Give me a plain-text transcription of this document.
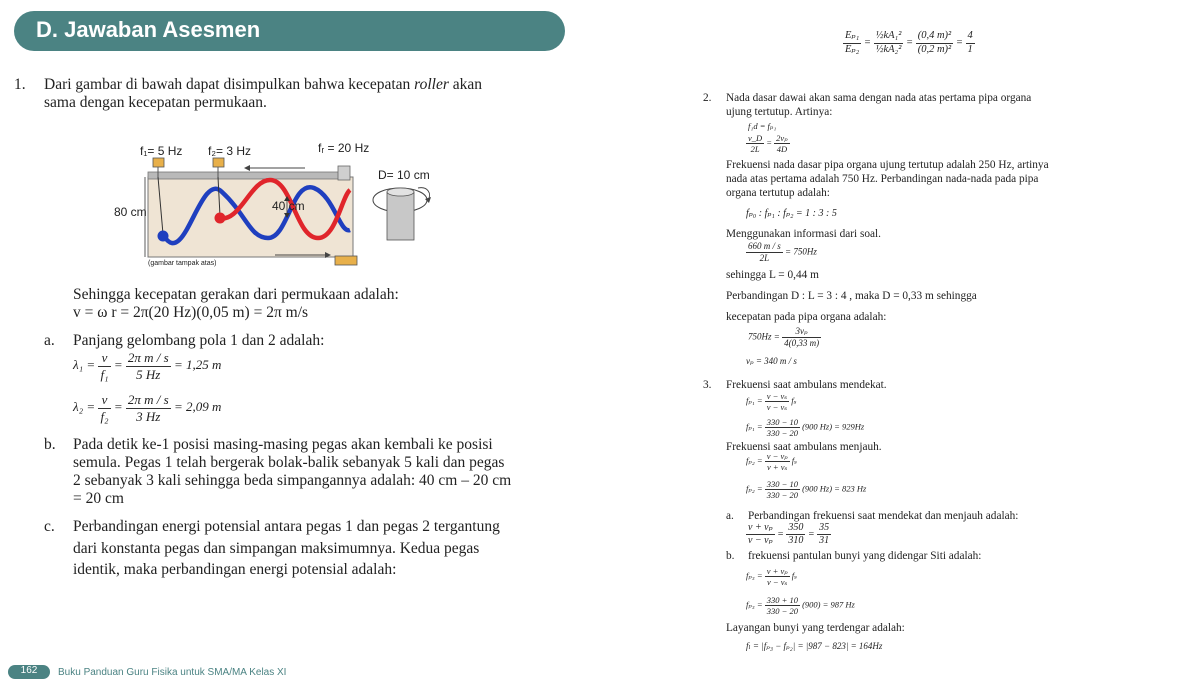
D. Jawaban Asesmen
1. Dari gambar di bawah dapat disimpulkan bahwa kecepatan roller akan
sama dengan kecepatan permukaan.
f₁= 5 Hz f₂= 3 Hz	fᵣ = 20 Hz
D= 10 cm
80 cm	40 cm
(gambar tampak atas)
Sehingga kecepatan gerakan dari permukaan adalah:
v = ω r = 2π(20 Hz)(0,05 m) = 2π m/s
a. Panjang gelombang pola 1 dan 2 adalah:
$\lambda_1 = \frac{v}{\text{f₁}} = \frac{\text{2π m / s}}{5 Hz} = 1,25$ m
$\lambda_2 = \frac{v}{\text{f₂}} = \frac{\text{2π m / s}}{3 Hz} = 2,09$ m
b. Pada detik ke-1 posisi masing-masing pegas akan kembali ke posisi
semula. Pegas 1 telah bergerak bolak-balik sebanyak 5 kali dan pegas
2 sebanyak 3 kali sehingga beda simpangannya adalah: 40 cm – 20 cm
= 20 cm
c. Perbandingan energi potensial antara pegas 1 dan pegas 2 tergantung
dari konstanta pegas dan simpangan maksimumnya. Kedua pegas
identik, maka perbandingan energi potensial adalah:
$\frac{\text{Eₚ₁}}{\text{Eₚ₂}} = \frac{\text{½kA₁²}}{\text{½kA₂²}} = \frac{\text{(0,4 m)²}}{\text{(0,2 m)²}} = \frac{4}{1}$
2. Nada dasar dawai akan sama dengan nada atas pertama pipa organa
ujung tertutup. Artinya:
f₁d = fₚ₁
$\frac{v\_D}{2L} = \frac{\text{2vₚ}}{4D}$
Frekuensi nada dasar pipa organa ujung tertutup adalah 250 Hz, artinya
nada atas pertama adalah 750 Hz. Perbandingan nada-nada pada pipa
organa tertutup adalah:
fₚ₀ : fₚ₁ : fₚ₂ = 1 : 3 : 5
Menggunakan informasi dari soal.
$\frac{660 m / s}{2L} = 750Hz$
sehingga L = 0,44 m
Perbandingan D : L = 3 : 4 , maka D = 0,33 m sehingga
kecepatan pada pipa organa adalah:
$750Hz = \frac{\text{3vₚ}}{4(0,33 m)}$
vₚ = 340 m / s
3. Frekuensi saat ambulans mendekat.
$f_{p1} = \frac{\text{v − vₛ}}{\text{v − vₛ}}$ fₛ
$f_{p1} = \frac{330 - 10}{330 - 20} (900$ Hz) = 929Hz
Frekuensi saat ambulans menjauh.
$f_{p2} = \frac{\text{v − vₚ}}{\text{v + vₛ}}$ fₛ
$f_{p2} = \frac{330 - 10}{330 - 20} (900$ Hz) = 823 Hz
a. Perbandingan frekuensi saat mendekat dan menjauh adalah:
$\frac{\text{v + vₚ}}{\text{v − vₚ}} = \frac{350}{310} = \frac{35}{31}$
b. frekuensi pantulan bunyi yang didengar Siti adalah:
$f_{p3} = \frac{\text{v + vₚ}}{\text{v − vₛ}}$ fₛ
$f_{p3} = \frac{330 + 10}{330 - 20} (900) = 987$ Hz
Layangan bunyi yang terdengar adalah:
fₗ = |fₚ₃ − fₚ₂| = |987 − 823| = 164Hz
162	Buku Panduan Guru Fisika untuk SMA/MA Kelas XI
